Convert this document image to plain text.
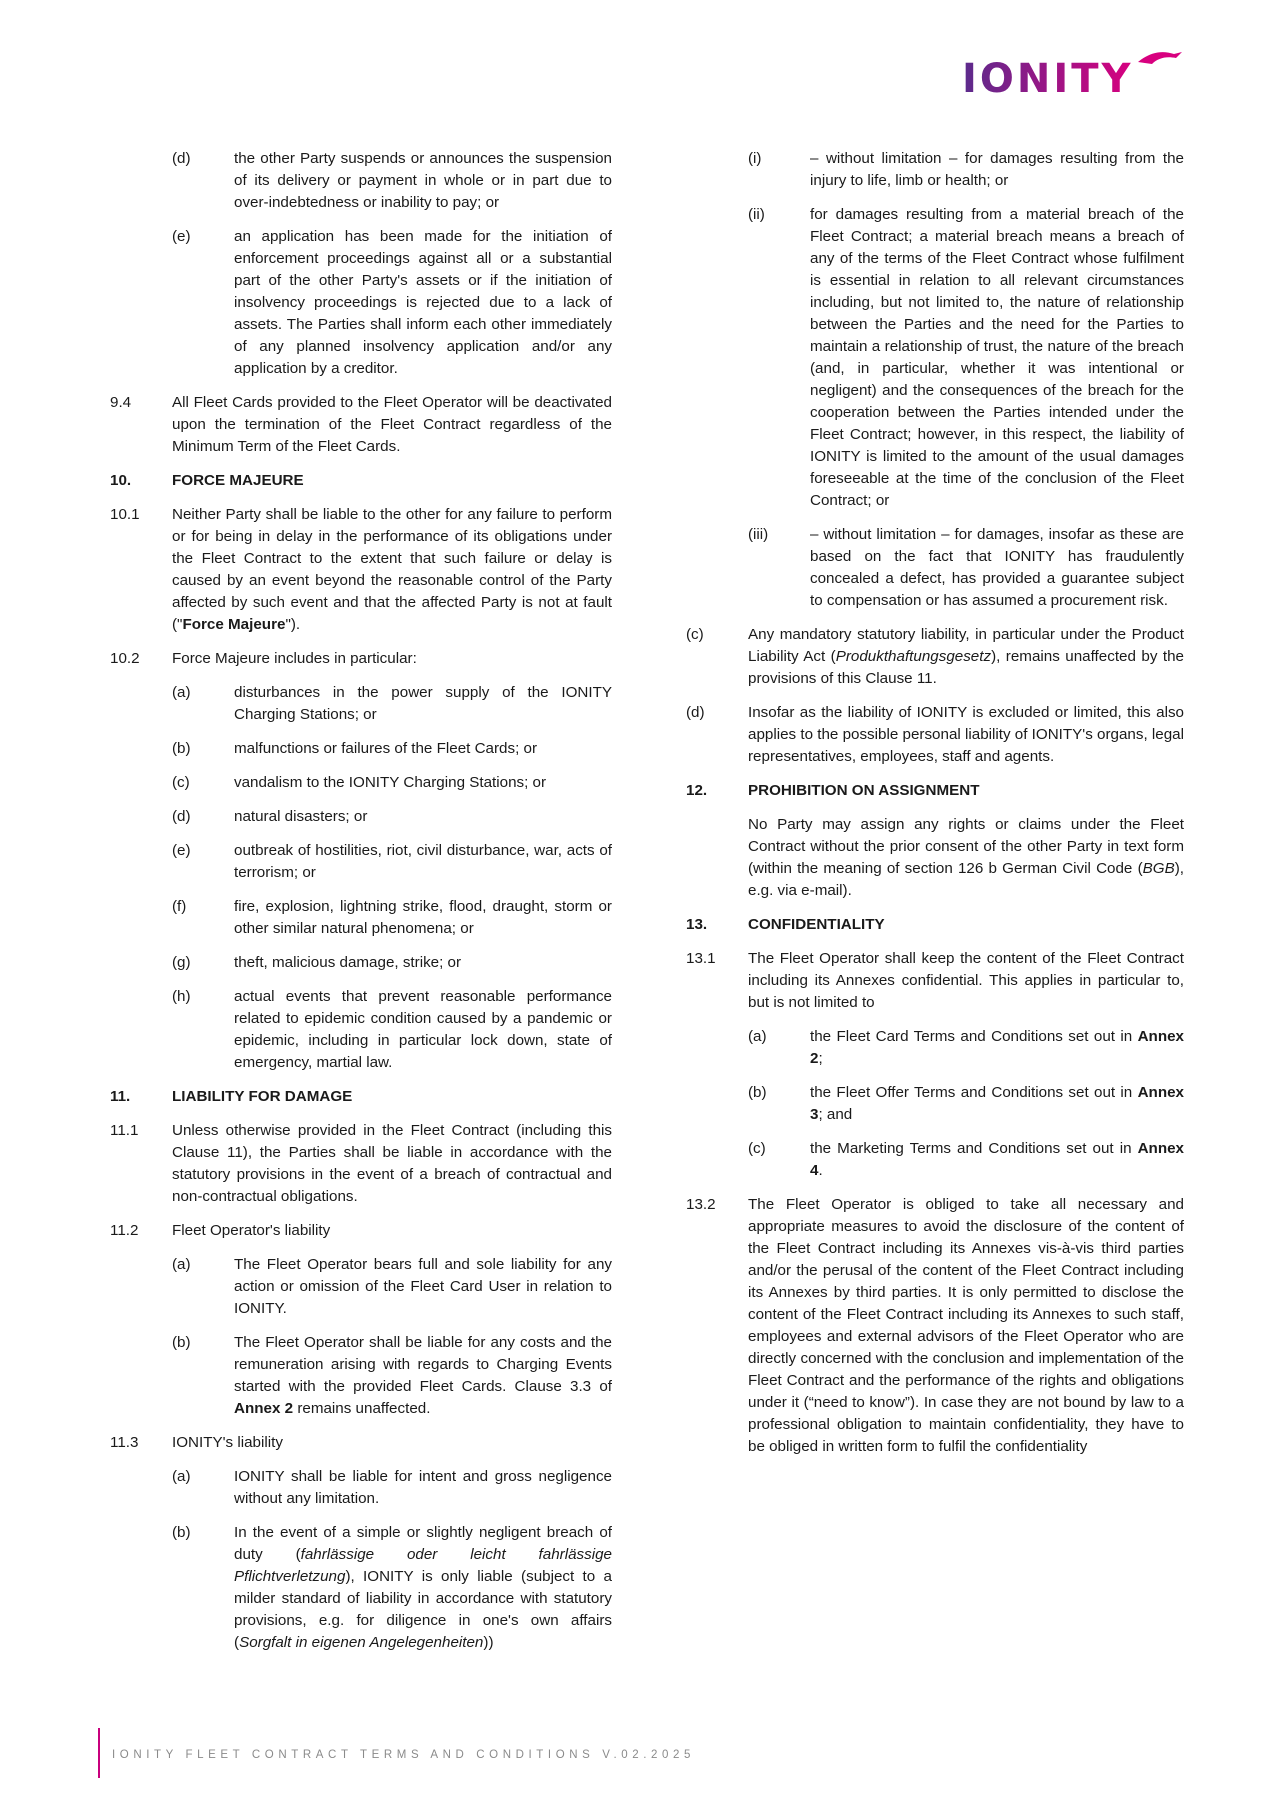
IONITY
(d)	the other Party suspends or announces the suspension of its delivery or payment in whole or in part due to over-indebtedness or inability to pay; or
(e)	an application has been made for the initiation of enforcement proceedings against all or a substantial part of the other Party's assets or if the initiation of insolvency proceedings is rejected due to a lack of assets. The Parties shall inform each other immediately of any planned insolvency application and/or any application by a creditor.
9.4	All Fleet Cards provided to the Fleet Operator will be deactivated upon the termination of the Fleet Contract regardless of the Minimum Term of the Fleet Cards.
10.	FORCE MAJEURE
10.1	Neither Party shall be liable to the other for any failure to perform or for being in delay in the performance of its obligations under the Fleet Contract to the extent that such failure or delay is caused by an event beyond the reasonable control of the Party affected by such event and that the affected Party is not at fault ("Force Majeure").
10.2	Force Majeure includes in particular:
(a)	disturbances in the power supply of the IONITY Charging Stations; or
(b)	malfunctions or failures of the Fleet Cards; or
(c)	vandalism to the IONITY Charging Stations; or
(d)	natural disasters; or
(e)	outbreak of hostilities, riot, civil disturbance, war, acts of terrorism; or
(f)	fire, explosion, lightning strike, flood, draught, storm or other similar natural phenomena; or
(g)	theft, malicious damage, strike; or
(h)	actual events that prevent reasonable performance related to epidemic condition caused by a pandemic or epidemic, including in particular lock down, state of emergency, martial law.
11.	LIABILITY FOR DAMAGE
11.1	Unless otherwise provided in the Fleet Contract (including this Clause 11), the Parties shall be liable in accordance with the statutory provisions in the event of a breach of contractual and non-contractual obligations.
11.2	Fleet Operator's liability
(a)	The Fleet Operator bears full and sole liability for any action or omission of the Fleet Card User in relation to IONITY.
(b)	The Fleet Operator shall be liable for any costs and the remuneration arising with regards to Charging Events started with the provided Fleet Cards. Clause 3.3 of Annex 2 remains unaffected.
11.3	IONITY's liability
(a)	IONITY shall be liable for intent and gross negligence without any limitation.
(b)	In the event of a simple or slightly negligent breach of duty (fahrlässige oder leicht fahrlässige Pflichtverletzung), IONITY is only liable (subject to a milder standard of liability in accordance with statutory provisions, e.g. for diligence in one's own affairs (Sorgfalt in eigenen Angelegenheiten))
(i)	– without limitation – for damages resulting from the injury to life, limb or health; or
(ii)	for damages resulting from a material breach of the Fleet Contract; a material breach means a breach of any of the terms of the Fleet Contract whose fulfilment is essential in relation to all relevant circumstances including, but not limited to, the nature of relationship between the Parties and the need for the Parties to maintain a relationship of trust, the nature of the breach (and, in particular, whether it was intentional or negligent) and the consequences of the breach for the cooperation between the Parties intended under the Fleet Contract; however, in this respect, the liability of IONITY is limited to the amount of the usual damages foreseeable at the time of the conclusion of the Fleet Contract; or
(iii)	– without limitation – for damages, insofar as these are based on the fact that IONITY has fraudulently concealed a defect, has provided a guarantee subject to compensation or has assumed a procurement risk.
(c)	Any mandatory statutory liability, in particular under the Product Liability Act (Produkthaftungsgesetz), remains unaffected by the provisions of this Clause 11.
(d)	Insofar as the liability of IONITY is excluded or limited, this also applies to the possible personal liability of IONITY's organs, legal representatives, employees, staff and agents.
12.	PROHIBITION ON ASSIGNMENT
No Party may assign any rights or claims under the Fleet Contract without the prior consent of the other Party in text form (within the meaning of section 126 b German Civil Code (BGB), e.g. via e-mail).
13.	CONFIDENTIALITY
13.1	The Fleet Operator shall keep the content of the Fleet Contract including its Annexes confidential. This applies in particular to, but is not limited to
(a)	the Fleet Card Terms and Conditions set out in Annex 2;
(b)	the Fleet Offer Terms and Conditions set out in Annex 3; and
(c)	the Marketing Terms and Conditions set out in Annex 4.
13.2	The Fleet Operator is obliged to take all necessary and appropriate measures to avoid the disclosure of the content of the Fleet Contract including its Annexes vis-à-vis third parties and/or the perusal of the content of the Fleet Contract including its Annexes by third parties. It is only permitted to disclose the content of the Fleet Contract including its Annexes to such staff, employees and external advisors of the Fleet Operator who are directly concerned with the conclusion and implementation of the Fleet Contract and the performance of the rights and obligations under it (“need to know”). In case they are not bound by law to a professional obligation to maintain confidentiality, they have to be obliged in written form to fulfil the confidentiality
IONITY FLEET CONTRACT TERMS AND CONDITIONS V.02.2025
